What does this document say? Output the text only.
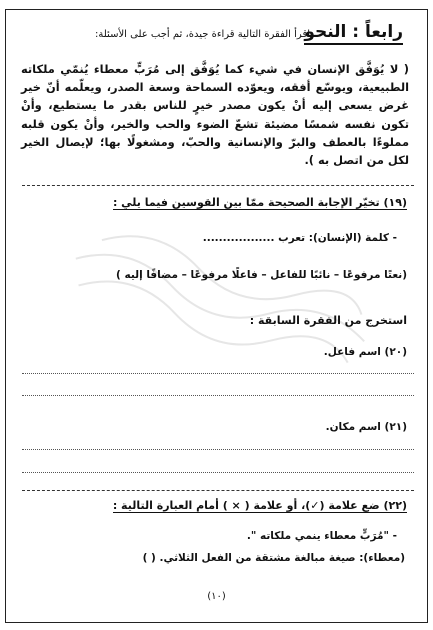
رابعاً : النحو
اقرأ الفقرة التالية قراءة جيدة، ثم أجب على الأسئلة:

( لا يُوَفَّق الإنسان في شيء كما يُوَفَّق إلى مُرَبٍّ معطاء يُنمّي ملكاته الطبيعية، ويوسّع أفقه، ويعوّده السماحة وسعة الصدر، ويعلّمه أنّ خير غرض يسعى إليه أنْ يكون مصدر خيرٍ للناس بقدر ما يستطيع، وأنْ تكون نفسه شمسًا مضيئة تشعّ الضوء والحب والخير، وأنْ يكون قلبه مملوءًا بالعطف والبرّ والإنسانية والحبّ، ومشغولًا بها؛ لإيصال الخير لكل من اتصل به ).

(١٩) تخيّر الإجابة الصحيحة ممّا بين القوسين فيما يلي :
- كلمة (الإنسان): تعرب ..................
(نعتًا مرفوعًا – نائبًا للفاعل – فاعلًا مرفوعًا – مضافًا إليه )
استخرج من الفقرة السابقة :
(٢٠) اسم فاعل.
(٢١) اسم مكان.
(٢٢) ضع علامة (✓)، أو علامة ( × ) أمام العبارة التالية :
- "مُرَبٍّ معطاء ينمي ملكاته ".
(معطاء): صيغة مبالغة مشتقة من الفعل الثلاثي. ( )
(١٠)
